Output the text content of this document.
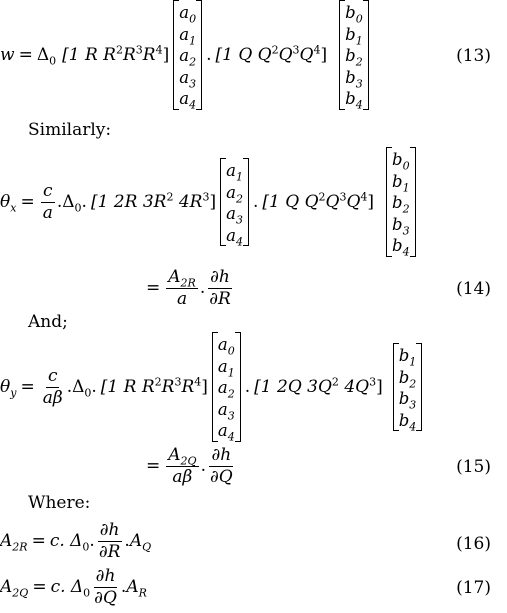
$w = \Delta_0$ [1 R $R^2R^3R^4$]
$a_0$
$a_1$
$a_2$
$a_3$
$a_4$
. [1 Q $Q^2Q^3Q^4$]
$b_0$
$b_1$
$b_2$
$b_3$
$b_4$
(13)
Similarly:
$\theta_x = \frac{c}{a} .\Delta_0$. [1 2R $3R^2$ $4R^3$]
$a_1$
$a_2$
$a_3$
$a_4$
. [1 Q $Q^2Q^3Q^4$]
$b_0$
$b_1$
$b_2$
$b_3$
$b_4$
= $\frac{A_{2R}}{a}$ . $\frac{\partial h}{\partial R}$	(14)
And;
$\theta_y = \frac{c}{a\beta} .\Delta_0$. [1 R $R^2R^3R^4$]
$a_0$
$a_1$
$a_2$
$a_3$
$a_4$
. [1 2Q $3Q^2$ $4Q^3$]
$b_1$
$b_2$
$b_3$
$b_4$
= $\frac{A_{2Q}}{a\beta}$ . $\frac{\partial h}{\partial Q}$	(15)
Where:
$A_{2R} = c$. $\Delta_0$. $\frac{\partial h}{\partial R}$ . $A_Q$	(16)
$A_{2Q} = c$. $\Delta_0 \frac{\partial h}{\partial Q}$ . $A_R$	(17)
